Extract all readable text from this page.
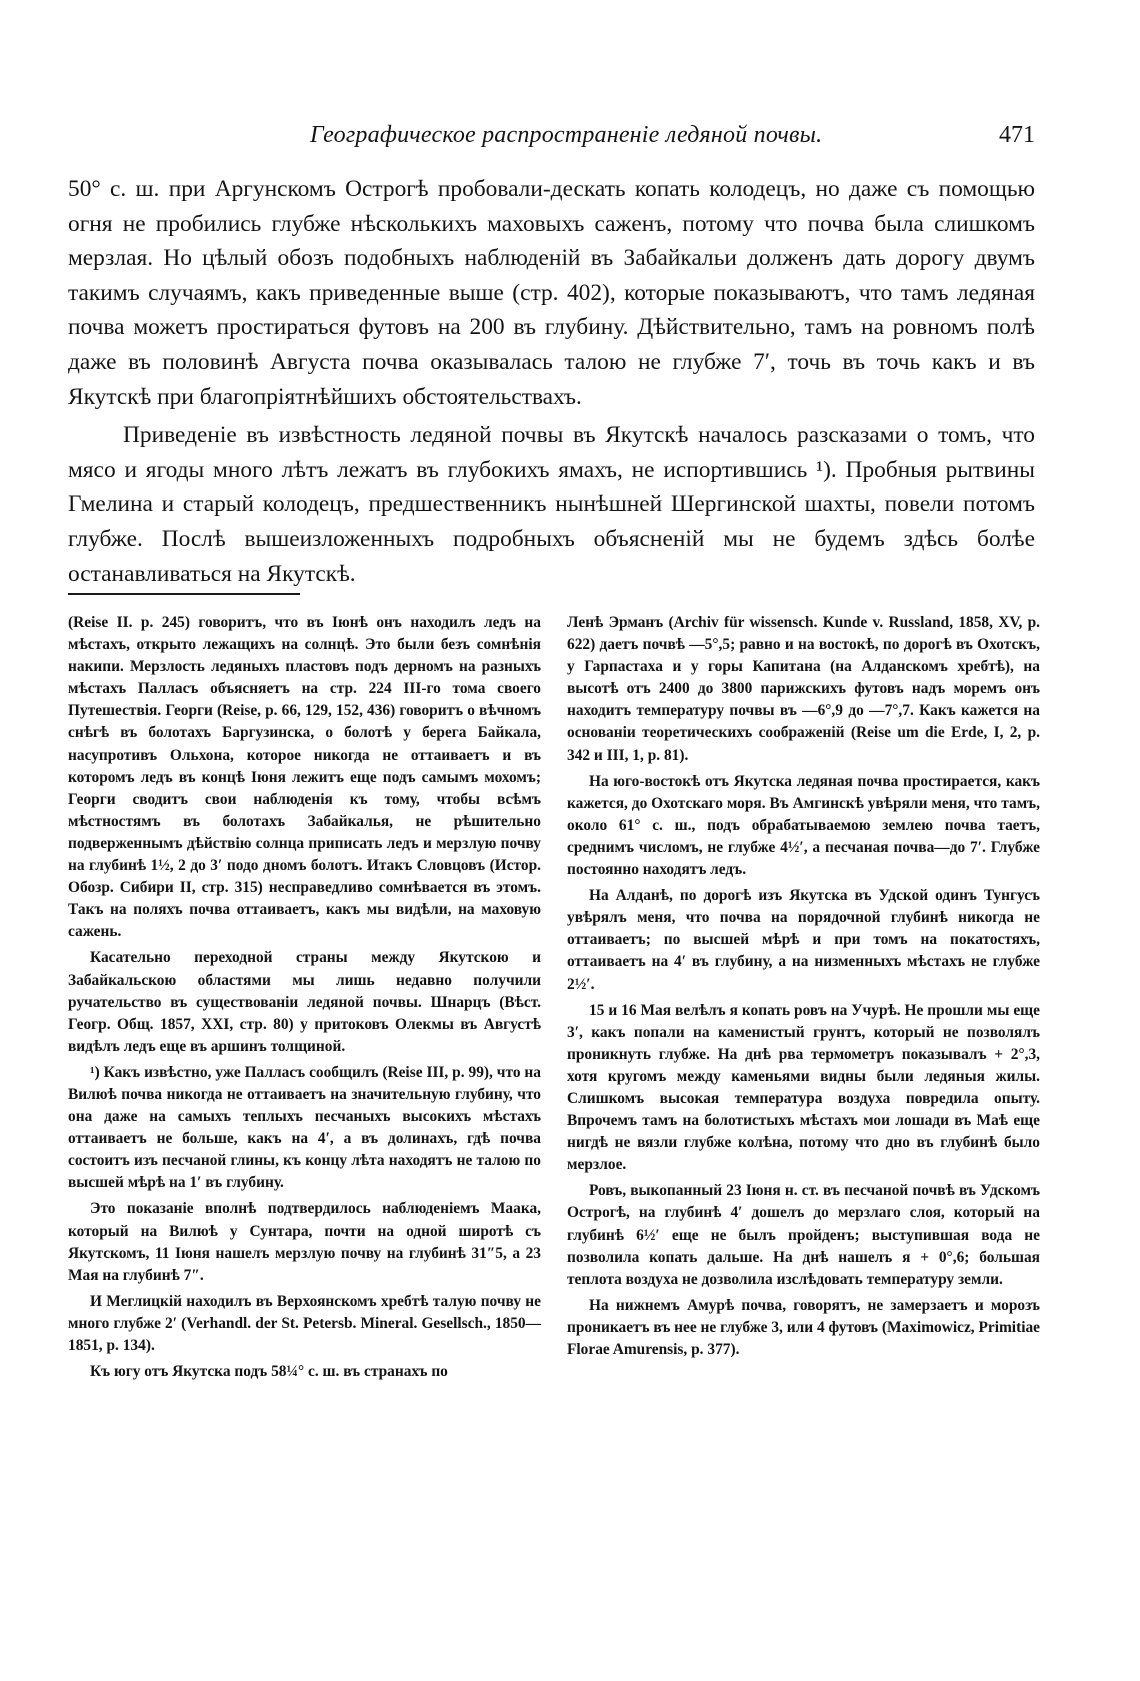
Географическое распространенiе ледяной почвы.	471

50° с. ш. при Аргунскомъ Острогѣ пробовали-дескать копать колодецъ, но даже съ помощью огня не пробились глубже нѣсколькихъ маховыхъ саженъ, потому что почва была слишкомъ мерзлая. Но цѣлый обозъ подобныхъ наблюденiй въ Забайкальи долженъ дать дорогу двумъ такимъ случаямъ, какъ приведенные выше (стр. 402), которые показываютъ, что тамъ ледяная почва можетъ простираться футовъ на 200 въ глубину. Дѣйствительно, тамъ на ровномъ полѣ даже въ половинѣ Августа почва оказывалась талою не глубже 7′, точь въ точь какъ и въ Якутскѣ при благопрiятнѣйшихъ обстоятельствахъ.

Приведенiе въ извѣстность ледяной почвы въ Якутскѣ началось разсказами о томъ, что мясо и ягоды много лѣтъ лежатъ въ глубокихъ ямахъ, не испортившись ¹). Пробныя рытвины Гмелина и старый колодецъ, предшественникъ нынѣшней Шергинской шахты, повели потомъ глубже. Послѣ вышеизложенныхъ подробныхъ объясненiй мы не будемъ здѣсь болѣе останавливаться на Якутскѣ.

(Reise II. p. 245) говоритъ, что въ Iюнѣ онъ находилъ ледъ на мѣстахъ, открыто лежащихъ на солнцѣ. Это были безъ сомнѣнiя накипи. Мерзлость ледяныхъ пластовъ подъ дерномъ на разныхъ мѣстахъ Палласъ объясняетъ на стр. 224 III-го тома своего Путешествiя. Георги (Reise, p. 66, 129, 152, 436) говоритъ о вѣчномъ снѣгѣ въ болотахъ Баргузинска, о болотѣ у берега Байкала, насупротивъ Ольхона, которое никогда не оттаиваетъ и въ которомъ ледъ въ концѣ Iюня лежитъ еще подъ самымъ мохомъ; Георги сводитъ свои наблюденiя къ тому, чтобы всѣмъ мѣстностямъ въ болотахъ Забайкалья, не рѣшительно подверженнымъ дѣйствiю солнца приписать ледъ и мерзлую почву на глубинѣ 1½, 2 до 3′ подо дномъ болотъ. Итакъ Словцовъ (Истор. Обозр. Сибири II, стр. 315) несправедливо сомнѣвается въ этомъ. Такъ на поляхъ почва оттаиваетъ, какъ мы видѣли, на маховую сажень.

Касательно переходной страны между Якутскою и Забайкальскою областями мы лишь недавно получили ручательство въ существованiи ледяной почвы. Шнарцъ (Вѣст. Геогр. Общ. 1857, XXI, стр. 80) у притоковъ Олекмы въ Августѣ видѣлъ ледъ еще въ аршинъ толщиной.

¹) Какъ извѣстно, уже Палласъ сообщилъ (Reise III, p. 99), что на Вилюѣ почва никогда не оттаиваетъ на значительную глубину, что она даже на самыхъ теплыхъ песчаныхъ высокихъ мѣстахъ оттаиваетъ не больше, какъ на 4′, а въ долинахъ, гдѣ почва состоитъ изъ песчаной глины, къ концу лѣта находятъ не талою по высшей мѣрѣ на 1′ въ глубину.

Это показанiе вполнѣ подтвердилось наблюденiемъ Маака, который на Вилюѣ у Сунтара, почти на одной широтѣ съ Якутскомъ, 11 Iюня нашелъ мерзлую почву на глубинѣ 31″5, а 23 Мая на глубинѣ 7″.

И Меглицкiй находилъ въ Верхоянскомъ хребтѣ талую почву не много глубже 2′ (Verhandl. der St. Petersb. Mineral. Gesellsch., 1850—1851, p. 134).

Къ югу отъ Якутска подъ 58¼° с. ш. въ странахъ по

Ленѣ Эрманъ (Archiv für wissensch. Kunde v. Russland, 1858, XV, p. 622) даетъ почвѣ —5°,5; равно и на востокѣ, по дорогѣ въ Охотскъ, у Гарпастаха и у горы Капитана (на Алданскомъ хребтѣ), на высотѣ отъ 2400 до 3800 парижскихъ футовъ надъ моремъ онъ находитъ температуру почвы въ —6°,9 до —7°,7. Какъ кажется на основанiи теоретическихъ соображенiй (Reise um die Erde, I, 2, p. 342 и III, 1, p. 81).

На юго-востокѣ отъ Якутска ледяная почва простирается, какъ кажется, до Охотскаго моря. Въ Амгинскѣ увѣряли меня, что тамъ, около 61° с. ш., подъ обрабатываемою землею почва таетъ, среднимъ числомъ, не глубже 4½′, а песчаная почва—до 7′. Глубже постоянно находятъ ледъ.

На Алданѣ, по дорогѣ изъ Якутска въ Удской одинъ Тунгусъ увѣрялъ меня, что почва на порядочной глубинѣ никогда не оттаиваетъ; по высшей мѣрѣ и при томъ на покатостяхъ, оттаиваетъ на 4′ въ глубину, а на низменныхъ мѣстахъ не глубже 2½′.

15 и 16 Мая велѣлъ я копать ровъ на Учурѣ. Не прошли мы еще 3′, какъ попали на каменистый грунтъ, который не позволялъ проникнуть глубже. На днѣ рва термометръ показывалъ + 2°,3, хотя кругомъ между каменьями видны были ледяныя жилы. Слишкомъ высокая температура воздуха повредила опыту. Впрочемъ тамъ на болотистыхъ мѣстахъ мои лошади въ Маѣ еще нигдѣ не вязли глубже колѣна, потому что дно въ глубинѣ было мерзлое.

Ровъ, выкопанный 23 Iюня н. ст. въ песчаной почвѣ въ Удскомъ Острогѣ, на глубинѣ 4′ дошелъ до мерзлаго слоя, который на глубинѣ 6½′ еще не былъ пройденъ; выступившая вода не позволила копать дальше. На днѣ нашелъ я + 0°,6; большая теплота воздуха не дозволила изслѣдовать температуру земли.

На нижнемъ Амурѣ почва, говорятъ, не замерзаетъ и морозъ проникаетъ въ нее не глубже 3, или 4 футовъ (Maximowicz, Primitiae Florae Amurensis, p. 377).
